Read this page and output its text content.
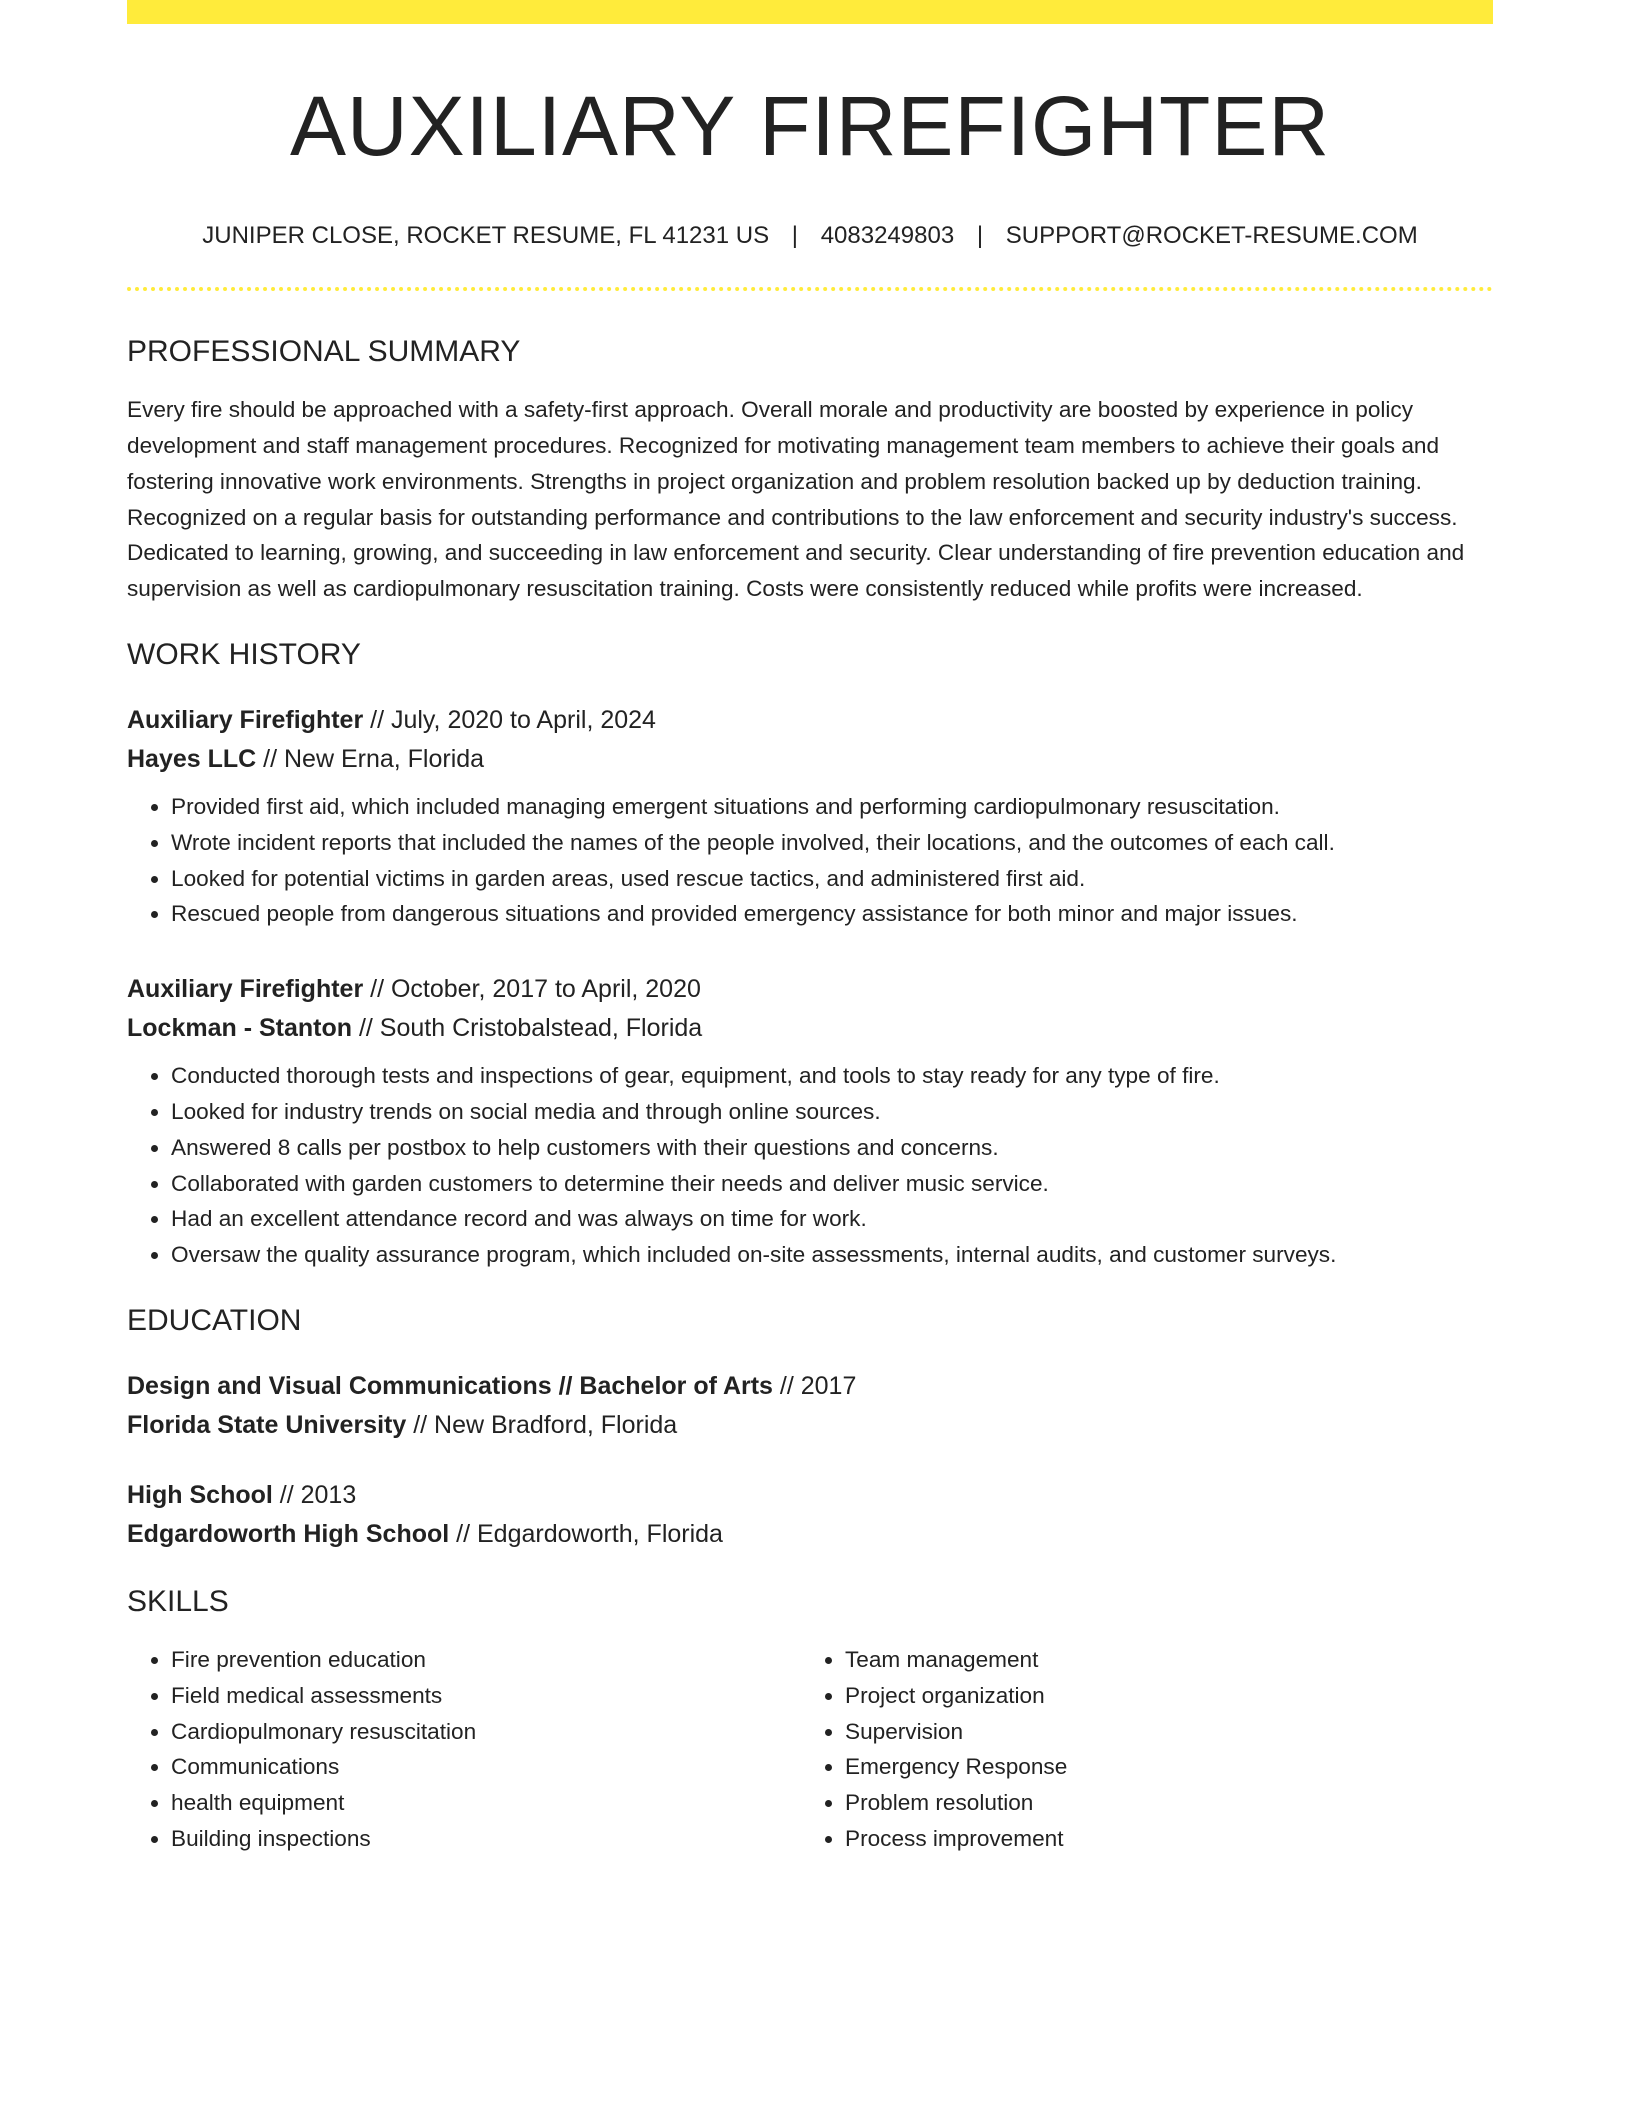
AUXILIARY FIREFIGHTER
JUNIPER CLOSE, ROCKET RESUME, FL 41231 US | 4083249803 | SUPPORT@ROCKET-RESUME.COM
PROFESSIONAL SUMMARY

Every fire should be approached with a safety-first approach. Overall morale and productivity are boosted by experience in policy development and staff management procedures. Recognized for motivating management team members to achieve their goals and fostering innovative work environments. Strengths in project organization and problem resolution backed up by deduction training. Recognized on a regular basis for outstanding performance and contributions to the law enforcement and security industry's success. Dedicated to learning, growing, and succeeding in law enforcement and security. Clear understanding of fire prevention education and supervision as well as cardiopulmonary resuscitation training. Costs were consistently reduced while profits were increased.

WORK HISTORY
Auxiliary Firefighter // July, 2020 to April, 2024
Hayes LLC // New Erna, Florida
• Provided first aid, which included managing emergent situations and performing cardiopulmonary resuscitation.
• Wrote incident reports that included the names of the people involved, their locations, and the outcomes of each call.
• Looked for potential victims in garden areas, used rescue tactics, and administered first aid.
• Rescued people from dangerous situations and provided emergency assistance for both minor and major issues.
Auxiliary Firefighter // October, 2017 to April, 2020
Lockman - Stanton // South Cristobalstead, Florida
• Conducted thorough tests and inspections of gear, equipment, and tools to stay ready for any type of fire.
• Looked for industry trends on social media and through online sources.
• Answered 8 calls per postbox to help customers with their questions and concerns.
• Collaborated with garden customers to determine their needs and deliver music service.
• Had an excellent attendance record and was always on time for work.
• Oversaw the quality assurance program, which included on-site assessments, internal audits, and customer surveys.
EDUCATION
Design and Visual Communications // Bachelor of Arts // 2017
Florida State University // New Bradford, Florida
High School // 2013
Edgardoworth High School // Edgardoworth, Florida
SKILLS
• Fire prevention education
• Field medical assessments
• Cardiopulmonary resuscitation
• Communications
• health equipment
• Building inspections
• Team management
• Project organization
• Supervision
• Emergency Response
• Problem resolution
• Process improvement
